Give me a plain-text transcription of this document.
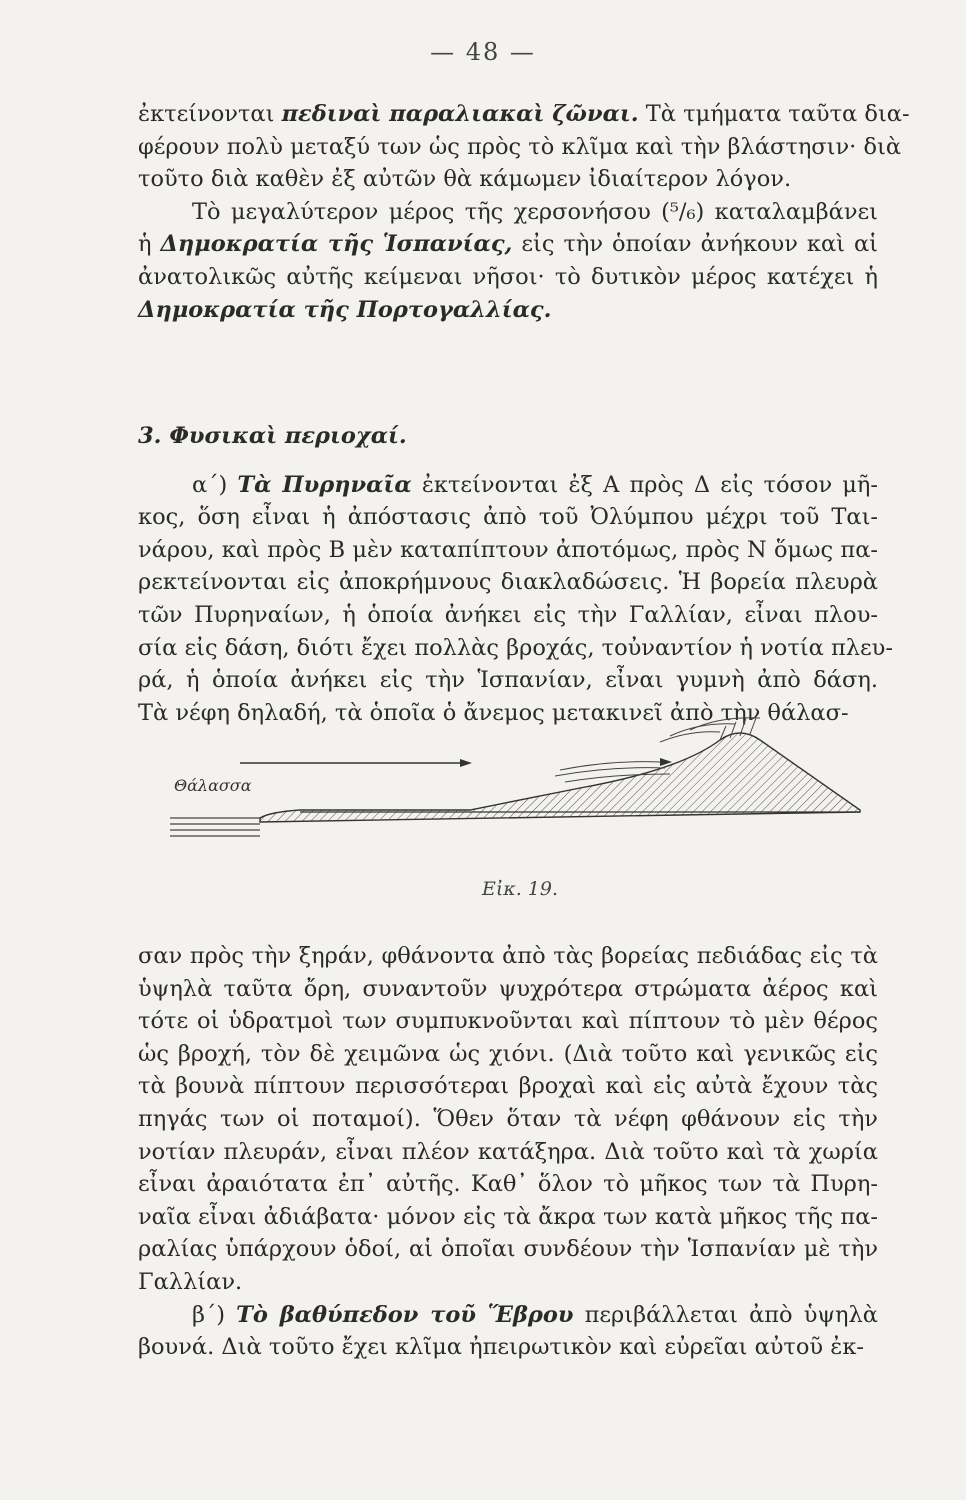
— 48 —
ἐκτείνονται πεδιναὶ παραλιακαὶ ζῶναι. Τὰ τμήματα ταῦτα δια-
φέρουν πολὺ μεταξύ των ὡς πρὸς τὸ κλῖμα καὶ τὴν βλάστησιν· διὰ
τοῦτο διὰ καθὲν ἐξ αὐτῶν θὰ κάμωμεν ἰδιαίτερον λόγον.
Τὸ μεγαλύτερον μέρος τῆς χερσονήσου (⁵/₆) καταλαμβάνει
ἡ Δημοκρατία τῆς Ἱσπανίας, εἰς τὴν ὁποίαν ἀνήκουν καὶ αἱ
ἀνατολικῶς αὐτῆς κείμεναι νῆσοι· τὸ δυτικὸν μέρος κατέχει ἡ
Δημοκρατία τῆς Πορτογαλλίας.
3. Φυσικαὶ περιοχαί.
α΄) Τὰ Πυρηναῖα ἐκτείνονται ἐξ Α πρὸς Δ εἰς τόσον μῆ-
κος, ὅση εἶναι ἡ ἀπόστασις ἀπὸ τοῦ Ὀλύμπου μέχρι τοῦ Ται-
νάρου, καὶ πρὸς Β μὲν καταπίπτουν ἀποτόμως, πρὸς Ν ὅμως πα-
ρεκτείνονται εἰς ἀποκρήμνους διακλαδώσεις. Ἡ βορεία πλευρὰ
τῶν Πυρηναίων, ἡ ὁποία ἀνήκει εἰς τὴν Γαλλίαν, εἶναι πλου-
σία εἰς δάση, διότι ἔχει πολλὰς βροχάς, τοὐναντίον ἡ νοτία πλευ-
ρά, ἡ ὁποία ἀνήκει εἰς τὴν Ἱσπανίαν, εἶναι γυμνὴ ἀπὸ δάση.
Τὰ νέφη δηλαδή, τὰ ὁποῖα ὁ ἄνεμος μετακινεῖ ἀπὸ τὴν θάλασ-
Θάλασσα
Εἰκ. 19.
σαν πρὸς τὴν ξηράν, φθάνοντα ἀπὸ τὰς βορείας πεδιάδας εἰς τὰ
ὑψηλὰ ταῦτα ὄρη, συναντοῦν ψυχρότερα στρώματα ἀέρος καὶ
τότε οἱ ὑδρατμοὶ των συμπυκνοῦνται καὶ πίπτουν τὸ μὲν θέρος
ὡς βροχή, τὸν δὲ χειμῶνα ὡς χιόνι. (Διὰ τοῦτο καὶ γενικῶς εἰς
τὰ βουνὰ πίπτουν περισσότεραι βροχαὶ καὶ εἰς αὐτὰ ἔχουν τὰς
πηγάς των οἱ ποταμοί). Ὅθεν ὅταν τὰ νέφη φθάνουν εἰς τὴν
νοτίαν πλευράν, εἶναι πλέον κατάξηρα. Διὰ τοῦτο καὶ τὰ χωρία
εἶναι ἀραιότατα ἐπ᾽ αὐτῆς. Καθ᾽ ὅλον τὸ μῆκος των τὰ Πυρη-
ναῖα εἶναι ἀδιάβατα· μόνον εἰς τὰ ἄκρα των κατὰ μῆκος τῆς πα-
ραλίας ὑπάρχουν ὁδοί, αἱ ὁποῖαι συνδέουν τὴν Ἱσπανίαν μὲ τὴν
Γαλλίαν.
β΄) Τὸ βαθύπεδον τοῦ Ἕβρου περιβάλλεται ἀπὸ ὑψηλὰ
βουνά. Διὰ τοῦτο ἔχει κλῖμα ἠπειρωτικὸν καὶ εὐρεῖαι αὐτοῦ ἐκ-
